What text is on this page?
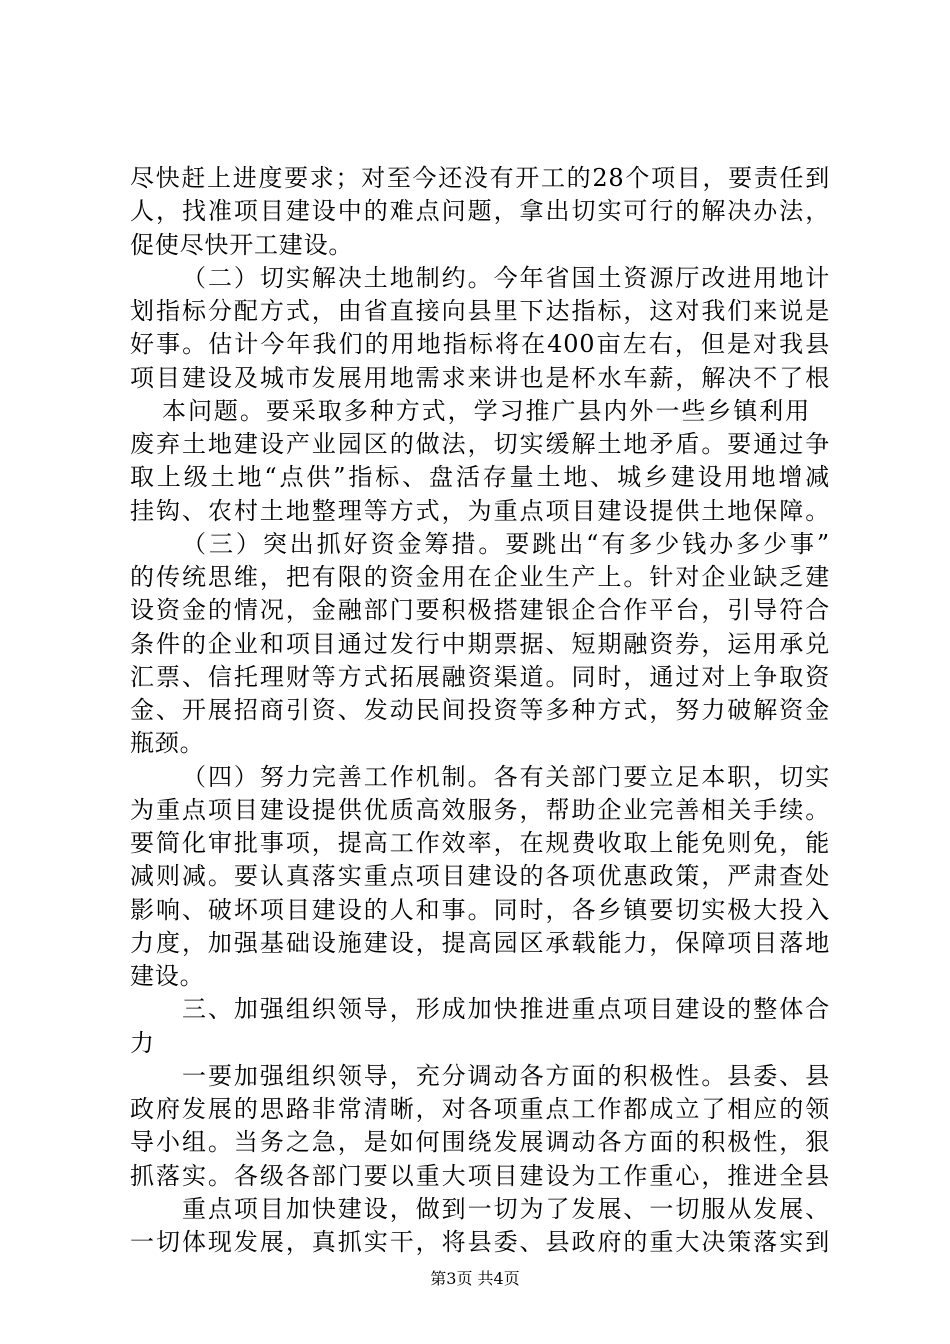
尽快赶上进度要求；对至今还没有开工的28个项目，要责任到
人，找准项目建设中的难点问题，拿出切实可行的解决办法，
促使尽快开工建设。
（二）切实解决土地制约。今年省国土资源厅改进用地计
划指标分配方式，由省直接向县里下达指标，这对我们来说是
好事。估计今年我们的用地指标将在400亩左右，但是对我县
项目建设及城市发展用地需求来讲也是杯水车薪，解决不了根
本问题。要采取多种方式，学习推广县内外一些乡镇利用
废弃土地建设产业园区的做法，切实缓解土地矛盾。要通过争
取上级土地“点供”指标、盘活存量土地、城乡建设用地增减
挂钩、农村土地整理等方式，为重点项目建设提供土地保障。
（三）突出抓好资金筹措。要跳出“有多少钱办多少事”
的传统思维，把有限的资金用在企业生产上。针对企业缺乏建
设资金的情况，金融部门要积极搭建银企合作平台，引导符合
条件的企业和项目通过发行中期票据、短期融资券，运用承兑
汇票、信托理财等方式拓展融资渠道。同时，通过对上争取资
金、开展招商引资、发动民间投资等多种方式，努力破解资金
瓶颈。
（四）努力完善工作机制。各有关部门要立足本职，切实
为重点项目建设提供优质高效服务，帮助企业完善相关手续。
要简化审批事项，提高工作效率，在规费收取上能免则免，能
减则减。要认真落实重点项目建设的各项优惠政策，严肃查处
影响、破坏项目建设的人和事。同时，各乡镇要切实极大投入
力度，加强基础设施建设，提高园区承载能力，保障项目落地
建设。
三、加强组织领导，形成加快推进重点项目建设的整体合
力
一要加强组织领导，充分调动各方面的积极性。县委、县
政府发展的思路非常清晰，对各项重点工作都成立了相应的领
导小组。当务之急，是如何围绕发展调动各方面的积极性，狠
抓落实。各级各部门要以重大项目建设为工作重心，推进全县
重点项目加快建设，做到一切为了发展、一切服从发展、
一切体现发展，真抓实干，将县委、县政府的重大决策落实到
第3页 共4页
